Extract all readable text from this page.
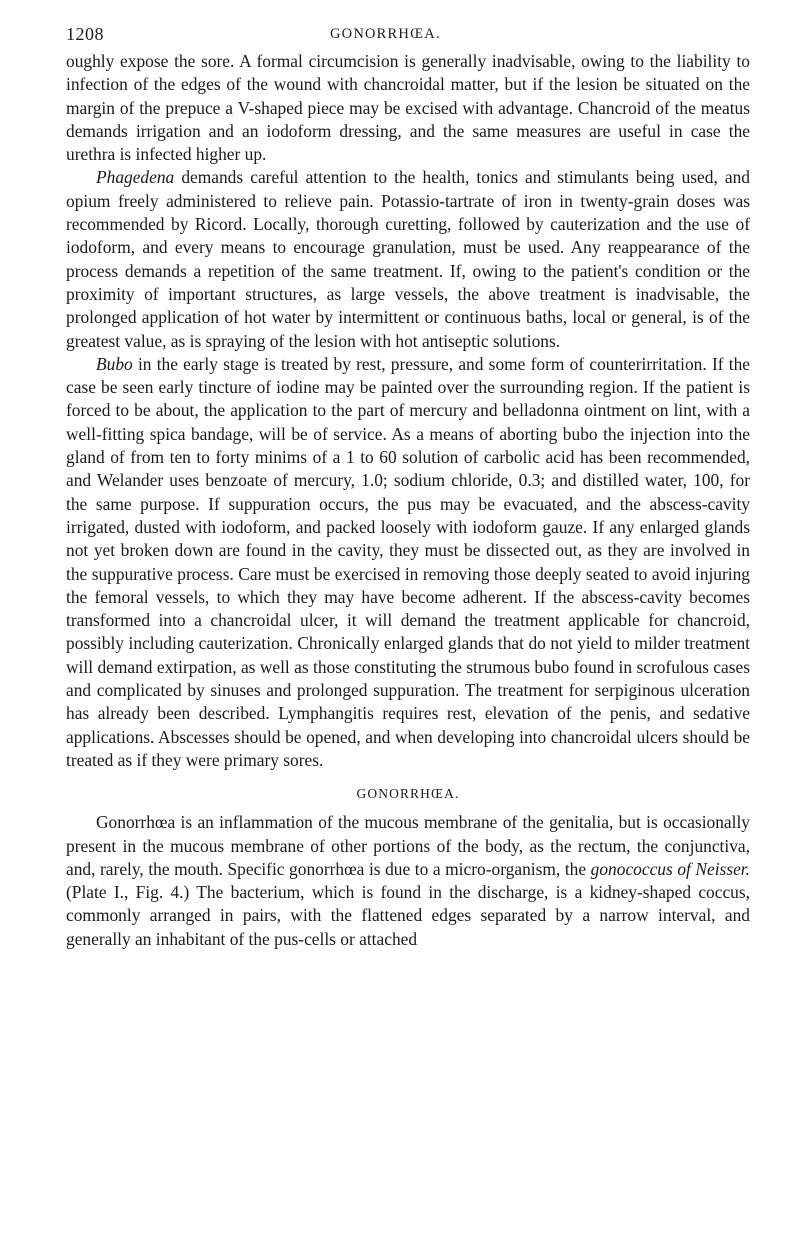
1208	GONORRHŒA.

oughly expose the sore. A formal circumcision is generally inadvisable, owing to the liability to infection of the edges of the wound with chancroidal matter, but if the lesion be situated on the margin of the prepuce a V-shaped piece may be excised with advantage. Chancroid of the meatus demands irrigation and an iodoform dressing, and the same measures are useful in case the urethra is infected higher up.

Phagedena demands careful attention to the health, tonics and stimulants being used, and opium freely administered to relieve pain. Potassio-tartrate of iron in twenty-grain doses was recommended by Ricord. Locally, thorough curetting, followed by cauterization and the use of iodoform, and every means to encourage granulation, must be used. Any reappearance of the process demands a repetition of the same treatment. If, owing to the patient's condition or the proximity of important structures, as large vessels, the above treatment is inadvisable, the prolonged application of hot water by intermittent or continuous baths, local or general, is of the greatest value, as is spraying of the lesion with hot antiseptic solutions.

Bubo in the early stage is treated by rest, pressure, and some form of counterirritation. If the case be seen early tincture of iodine may be painted over the surrounding region. If the patient is forced to be about, the application to the part of mercury and belladonna ointment on lint, with a well-fitting spica bandage, will be of service. As a means of aborting bubo the injection into the gland of from ten to forty minims of a 1 to 60 solution of carbolic acid has been recommended, and Welander uses benzoate of mercury, 1.0; sodium chloride, 0.3; and distilled water, 100, for the same purpose. If suppuration occurs, the pus may be evacuated, and the abscess-cavity irrigated, dusted with iodoform, and packed loosely with iodoform gauze. If any enlarged glands not yet broken down are found in the cavity, they must be dissected out, as they are involved in the suppurative process. Care must be exercised in removing those deeply seated to avoid injuring the femoral vessels, to which they may have become adherent. If the abscess-cavity becomes transformed into a chancroidal ulcer, it will demand the treatment applicable for chancroid, possibly including cauterization. Chronically enlarged glands that do not yield to milder treatment will demand extirpation, as well as those constituting the strumous bubo found in scrofulous cases and complicated by sinuses and prolonged suppuration. The treatment for serpiginous ulceration has already been described. Lymphangitis requires rest, elevation of the penis, and sedative applications. Abscesses should be opened, and when developing into chancroidal ulcers should be treated as if they were primary sores.

GONORRHŒA.

Gonorrhœa is an inflammation of the mucous membrane of the genitalia, but is occasionally present in the mucous membrane of other portions of the body, as the rectum, the conjunctiva, and, rarely, the mouth. Specific gonorrhœa is due to a micro-organism, the gonococcus of Neisser. (Plate I., Fig. 4.) The bacterium, which is found in the discharge, is a kidney-shaped coccus, commonly arranged in pairs, with the flattened edges separated by a narrow interval, and generally an inhabitant of the pus-cells or attached
